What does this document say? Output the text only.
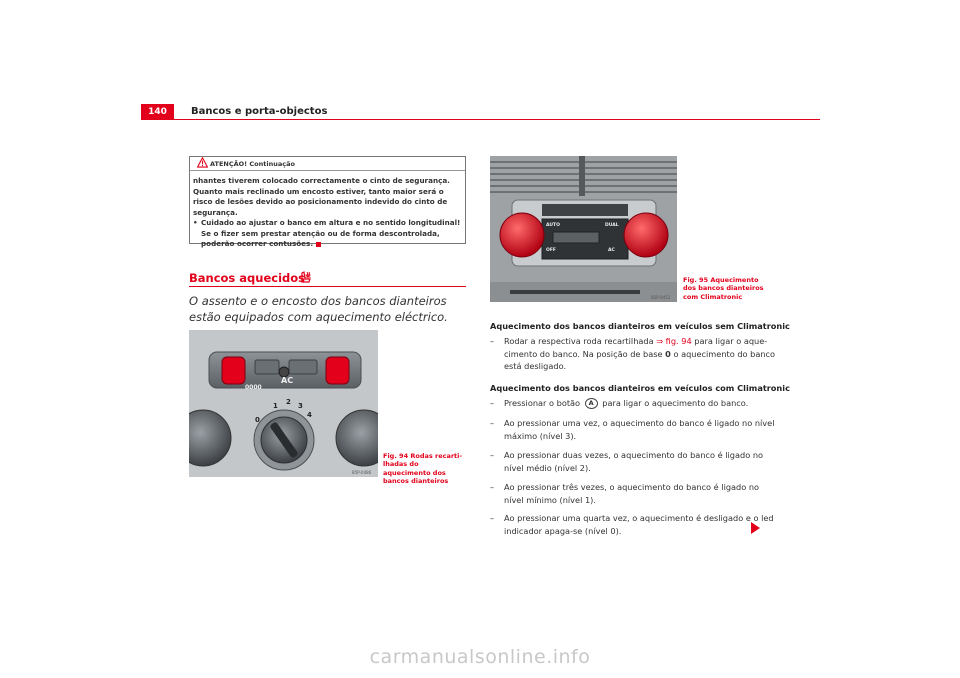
140	Bancos e porta-objectos
ATENÇÃO! Continuação

nhantes tiverem colocado correctamente o cinto de segurança. Quanto mais reclinado um encosto estiver, tanto maior será o risco de lesões devido ao posicionamento indevido do cinto de segurança.

• Cuidado ao ajustar o banco em altura e no sentido longitudinal! Se o fizer sem prestar atenção ou de forma descontrolada, poderão ocorrer contusões.
Bancos aquecidos*
O assento e o encosto dos bancos dianteiros estão equipados com aquecimento eléctrico.
0000
AC
0
1 2 3
4
B5P-0486
Fig. 94 Rodas recarti-lhadas do aquecimento dos bancos dianteiros
AUTO	DUAL
OFF	AC
B5P-0452
Fig. 95 Aquecimento dos bancos dianteiros com Climatronic
Aquecimento dos bancos dianteiros em veículos sem Climatronic
–	Rodar a respectiva roda recartilhada ⇒ fig. 94 para ligar o aque-cimento do banco. Na posição de base 0 o aquecimento do banco está desligado.
Aquecimento dos bancos dianteiros em veículos com Climatronic
–	Pressionar o botão A para ligar o aquecimento do banco.
–	Ao pressionar uma vez, o aquecimento do banco é ligado no nível máximo (nível 3).
–	Ao pressionar duas vezes, o aquecimento do banco é ligado no nível médio (nível 2).
–	Ao pressionar três vezes, o aquecimento do banco é ligado no nível mínimo (nível 1).
–	Ao pressionar uma quarta vez, o aquecimento é desligado e o led indicador apaga-se (nível 0).
carmanualsonline.info
